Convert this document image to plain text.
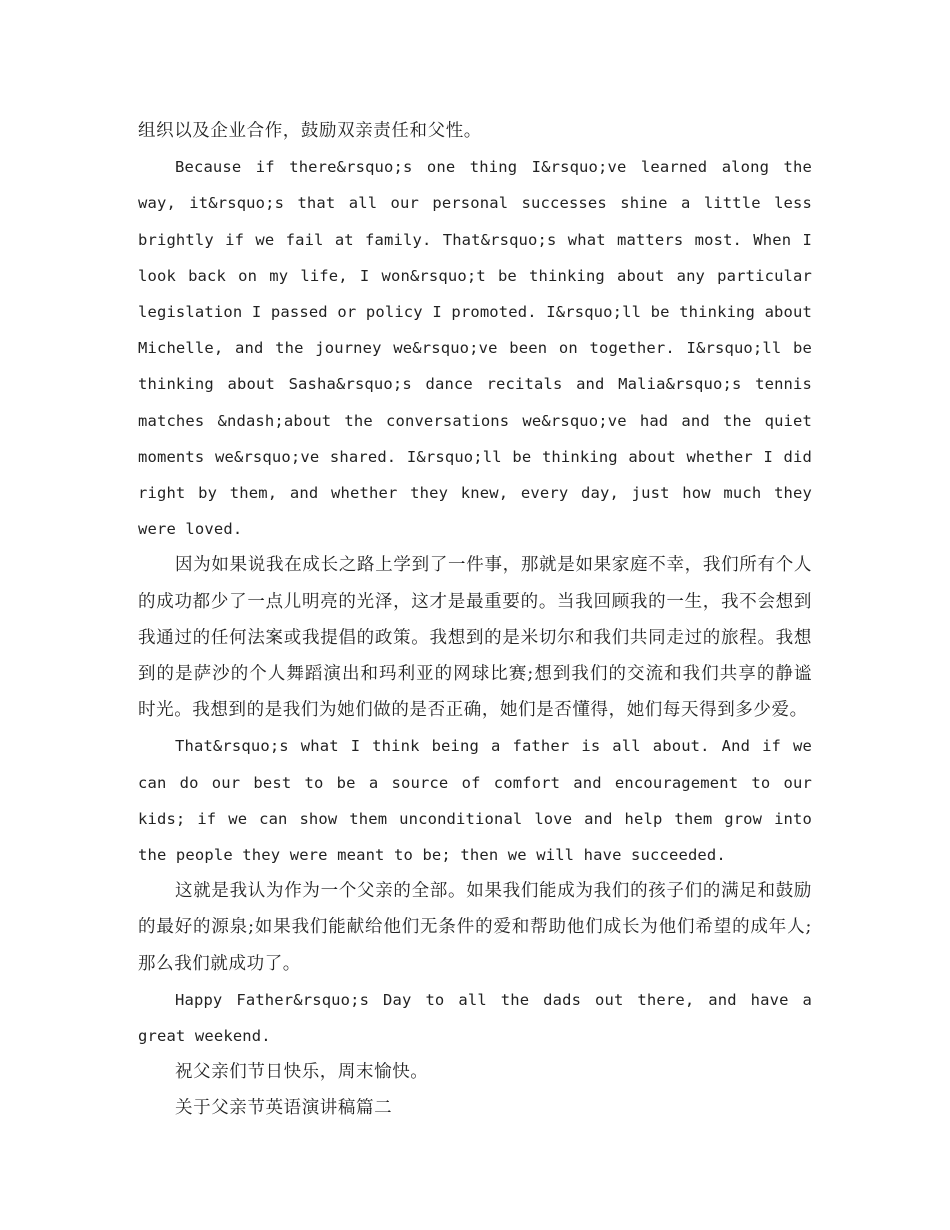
组织以及企业合作，鼓励双亲责任和父性。

Because if there&rsquo;s one thing I&rsquo;ve learned along the way, it&rsquo;s that all our personal successes shine a little less brightly if we fail at family. That&rsquo;s what matters most. When I look back on my life, I won&rsquo;t be thinking about any particular legislation I passed or policy I promoted. I&rsquo;ll be thinking about Michelle, and the journey we&rsquo;ve been on together. I&rsquo;ll be thinking about Sasha&rsquo;s dance recitals and Malia&rsquo;s tennis matches &ndash;about the conversations we&rsquo;ve had and the quiet moments we&rsquo;ve shared. I&rsquo;ll be thinking about whether I did right by them, and whether they knew, every day, just how much they were loved.

因为如果说我在成长之路上学到了一件事，那就是如果家庭不幸，我们所有个人的成功都少了一点儿明亮的光泽，这才是最重要的。当我回顾我的一生，我不会想到我通过的任何法案或我提倡的政策。我想到的是米切尔和我们共同走过的旅程。我想到的是萨沙的个人舞蹈演出和玛利亚的网球比赛;想到我们的交流和我们共享的静谧时光。我想到的是我们为她们做的是否正确，她们是否懂得，她们每天得到多少爱。

That&rsquo;s what I think being a father is all about. And if we can do our best to be a source of comfort and encouragement to our kids; if we can show them unconditional love and help them grow into the people they were meant to be; then we will have succeeded.

这就是我认为作为一个父亲的全部。如果我们能成为我们的孩子们的满足和鼓励的最好的源泉;如果我们能献给他们无条件的爱和帮助他们成长为他们希望的成年人;那么我们就成功了。

Happy Father&rsquo;s Day to all the dads out there, and have a great weekend.

祝父亲们节日快乐，周末愉快。

关于父亲节英语演讲稿篇二
